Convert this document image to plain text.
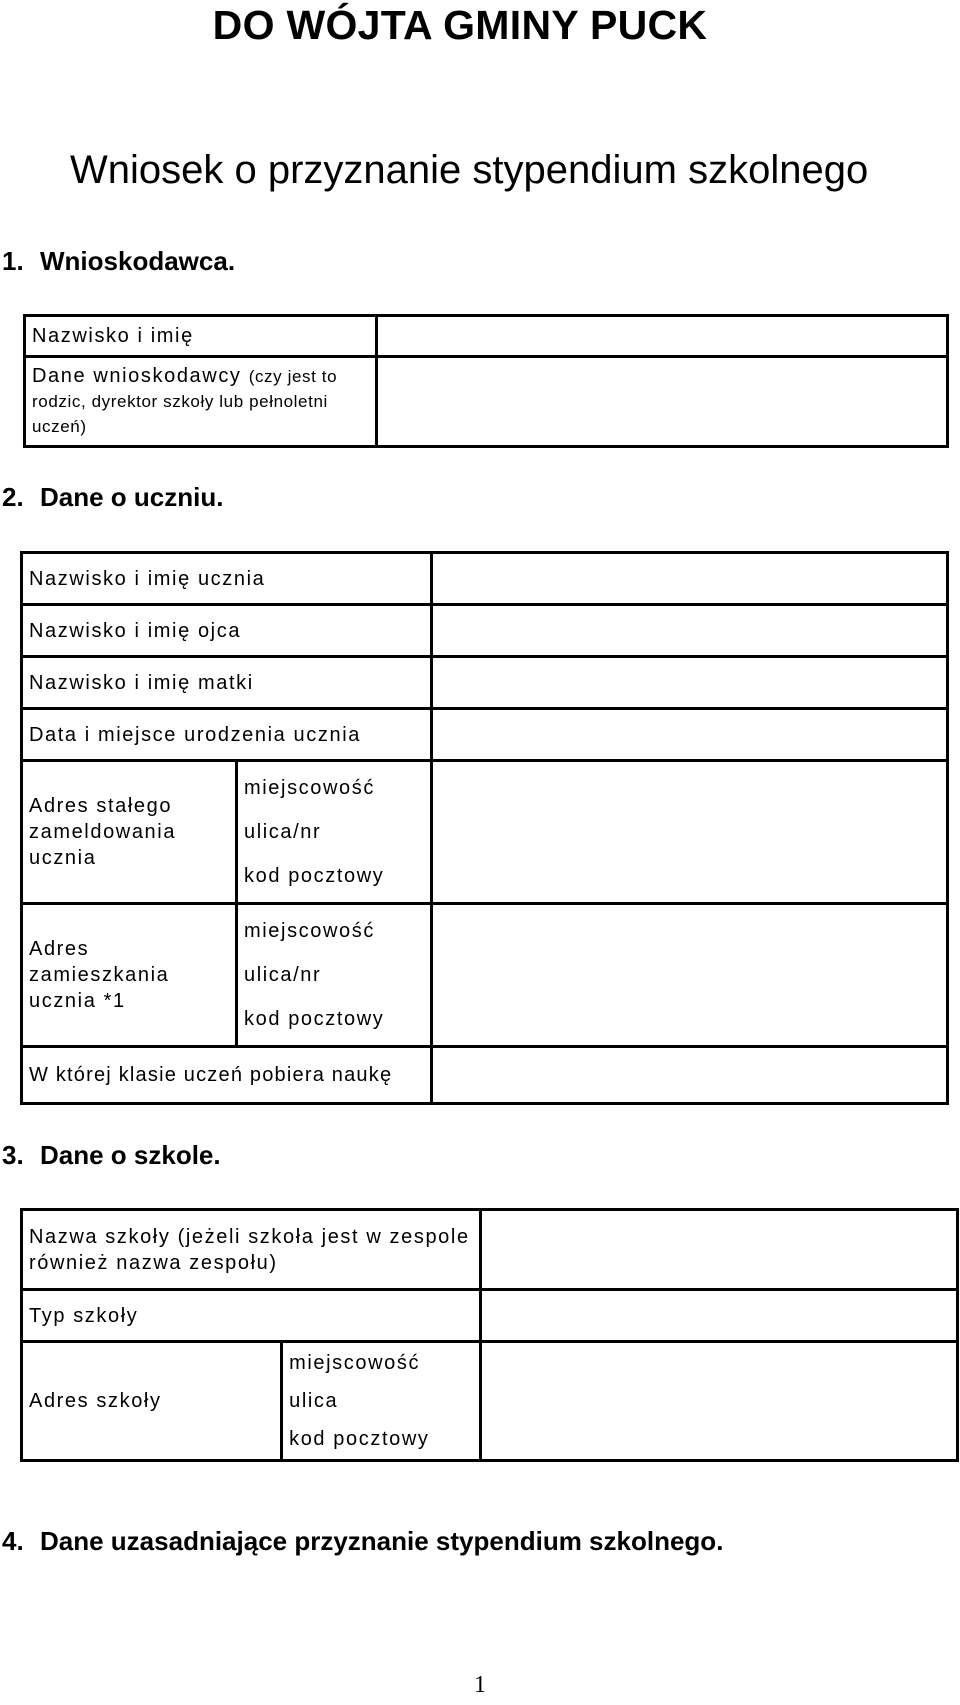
DO WÓJTA GMINY PUCK
Wniosek o przyznanie stypendium szkolnego
1. Wnioskodawca.
Nazwisko i imię	
Dane wnioskodawcy (czy jest to rodzic, dyrektor szkoły lub pełnoletni uczeń)	
2. Dane o uczniu.
Nazwisko i imię ucznia		
Nazwisko i imię ojca		
Nazwisko i imię matki		
Data i miejsce urodzenia ucznia		
Adres stałego zameldowania ucznia	miejscowość
ulica/nr
kod pocztowy	

Adres zamieszkania ucznia *1	miejscowość
ulica/nr
kod pocztowy	

W której klasie uczeń pobiera naukę		
3. Dane o szkole.
Nazwa szkoły (jeżeli szkoła jest w zespole również nazwa zespołu)		
Typ szkoły		
Adres szkoły	miejscowość
ulica
kod pocztowy	

4. Dane uzasadniające przyznanie stypendium szkolnego.
1
